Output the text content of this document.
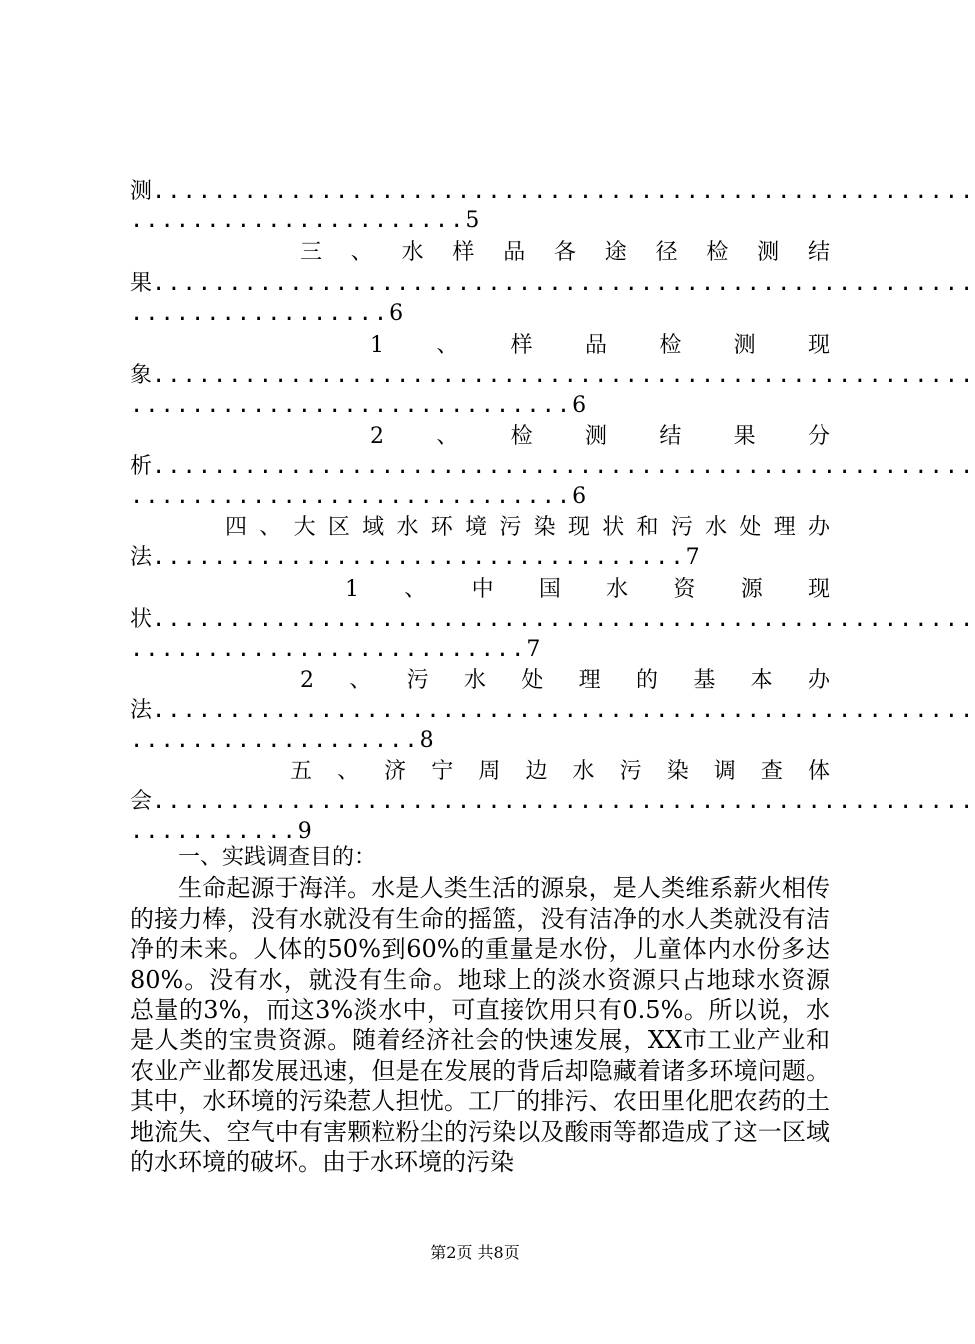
测......................................................
......................5
三、水样品各途径检测结
果......................................................
.................6
1、样品检测现
象......................................................
.............................6
2、检测结果分
析......................................................
.............................6
四、大区域水环境污染现状和污水处理办
法...................................7
1、中国水资源现
状......................................................
..........................7
2、污水处理的基本办
法......................................................
...................8
五、济宁周边水污染调查体
会......................................................
...........9

一、实践调查目的：

生命起源于海洋。水是人类生活的源泉，是人类维系薪火相传的接力棒，没有水就没有生命的摇篮，没有洁净的水人类就没有洁净的未来。人体的50%到60%的重量是水份，儿童体内水份多达80%。没有水，就没有生命。地球上的淡水资源只占地球水资源总量的3%，而这3%淡水中，可直接饮用只有0.5%。所以说，水是人类的宝贵资源。随着经济社会的快速发展，XX市工业产业和农业产业都发展迅速，但是在发展的背后却隐藏着诸多环境问题。其中，水环境的污染惹人担忧。工厂的排污、农田里化肥农药的土地流失、空气中有害颗粒粉尘的污染以及酸雨等都造成了这一区域的水环境的破坏。由于水环境的污染

第2页 共8页
